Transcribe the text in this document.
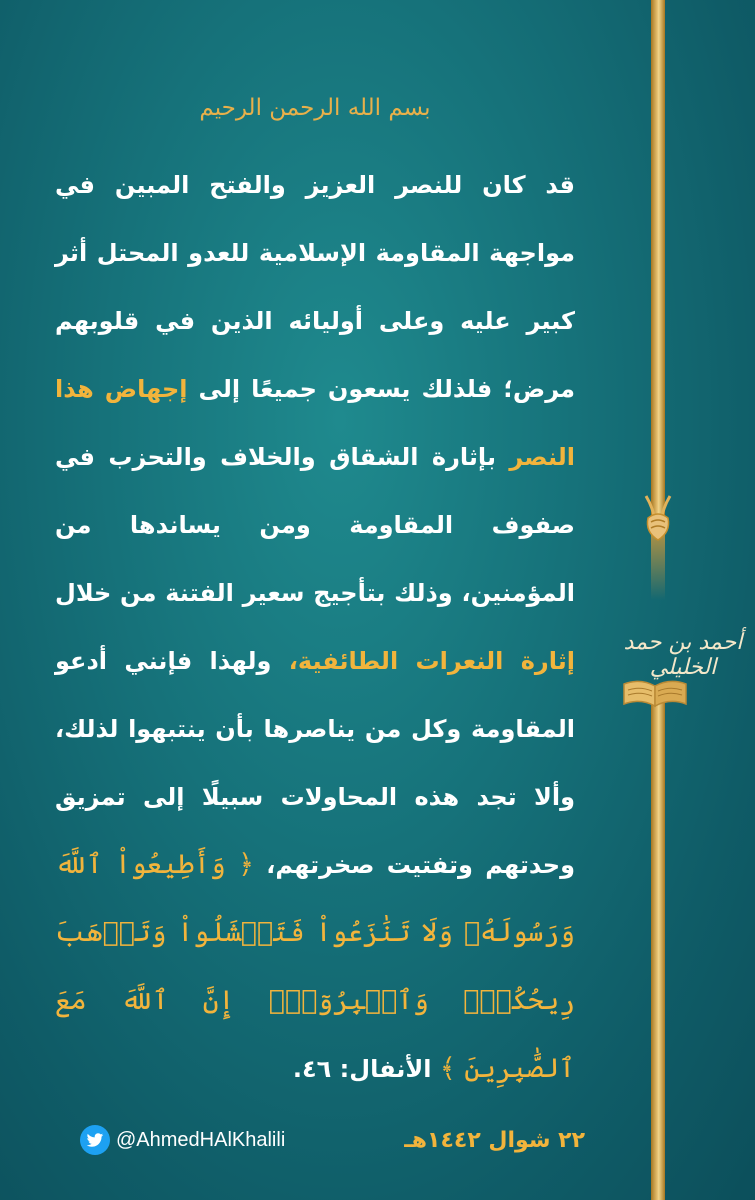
أحمد بن حمد الخليلي
بسم الله الرحمن الرحيم

قد كان للنصر العزيز والفتح المبين في مواجهة المقاومة الإسلامية للعدو المحتل أثر كبير عليه وعلى أوليائه الذين في قلوبهم مرض؛ فلذلك يسعون جميعًا إلى إجهاض هذا النصر بإثارة الشقاق والخلاف والتحزب في صفوف المقاومة ومن يساندها من المؤمنين، وذلك بتأجيج سعير الفتنة من خلال إثارة النعرات الطائفية، ولهذا فإنني أدعو المقاومة وكل من يناصرها بأن ينتبهوا لذلك، وألا تجد هذه المحاولات سبيلًا إلى تمزيق وحدتهم وتفتيت صخرتهم، ﴿ وَأَطِيعُواْ ٱللَّهَ وَرَسُولَهُۥ وَلَا تَنَٰزَعُواْ فَتَفۡشَلُواْ وَتَذۡهَبَ رِيحُكُمۡۖ وَٱصۡبِرُوٓاْۚ إِنَّ ٱللَّهَ مَعَ ٱلصَّٰبِرِينَ ﴾ الأنفال: ٤٦.

٢٢ شوال ١٤٤٢هـ
@AhmedHAlKhalili
